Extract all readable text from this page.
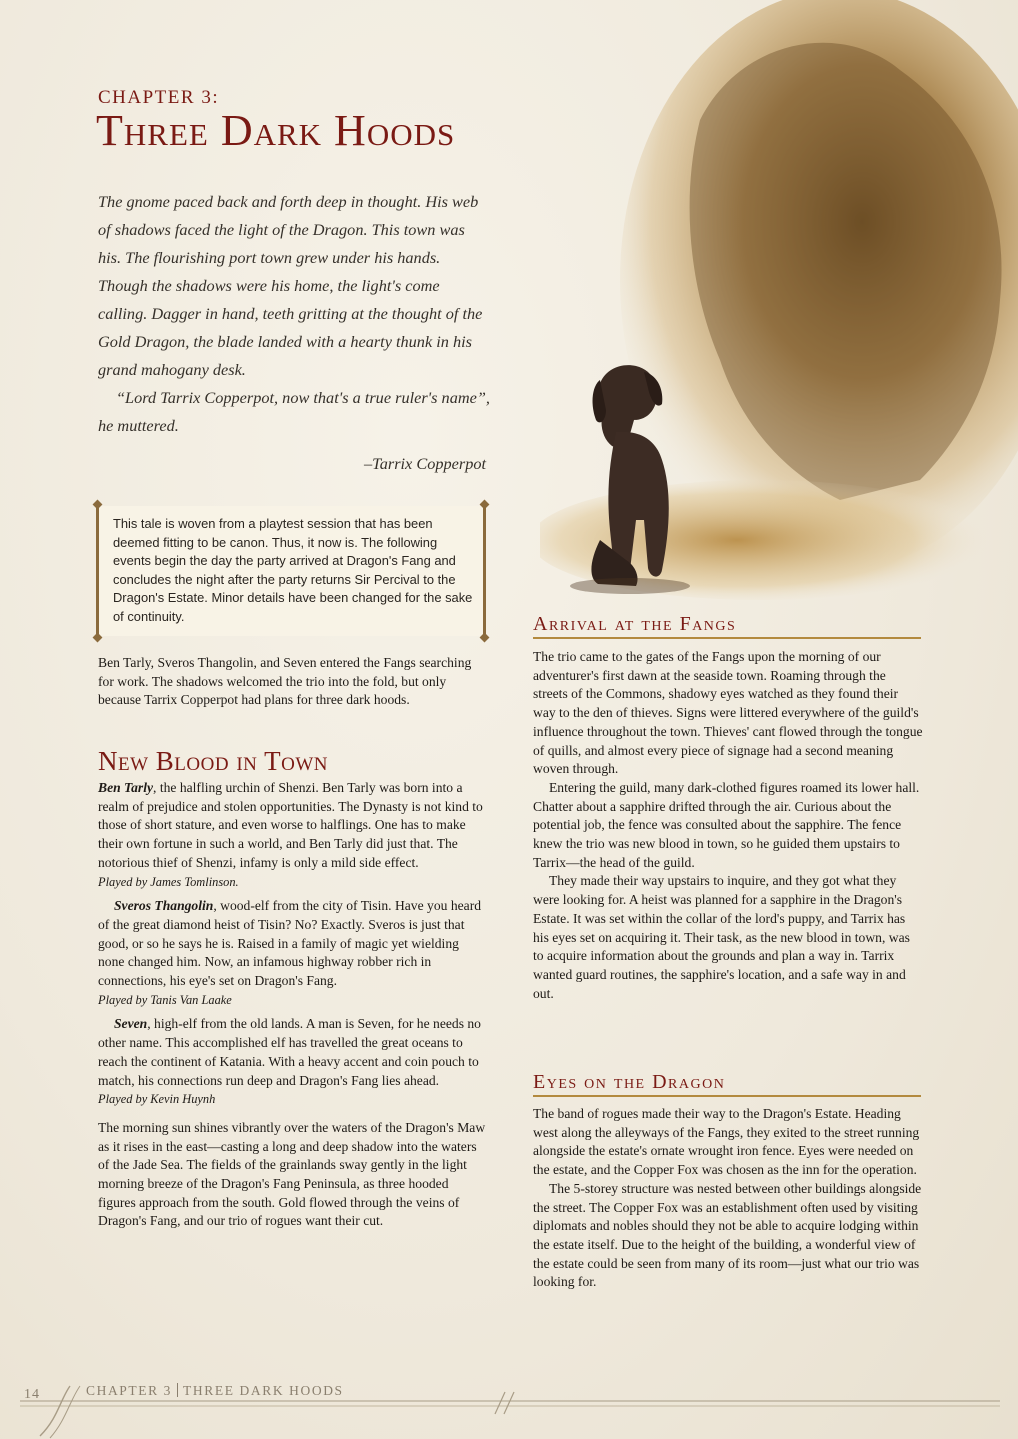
CHAPTER 3:
Three Dark Hoods

The gnome paced back and forth deep in thought. His web of shadows faced the light of the Dragon. This town was his. The flourishing port town grew under his hands. Though the shadows were his home, the light's come calling. Dagger in hand, teeth gritting at the thought of the Gold Dragon, the blade landed with a hearty thunk in his grand mahogany desk.

“Lord Tarrix Copperpot, now that's a true ruler's name”, he muttered.

–Tarrix Copperpot
This tale is woven from a playtest session that has been deemed fitting to be canon. Thus, it now is. The following events begin the day the party arrived at Dragon's Fang and concludes the night after the party returns Sir Percival to the Dragon's Estate. Minor details have been changed for the sake of continuity.

Ben Tarly, Sveros Thangolin, and Seven entered the Fangs searching for work. The shadows welcomed the trio into the fold, but only because Tarrix Copperpot had plans for three dark hoods.

New Blood in Town

Ben Tarly, the halfling urchin of Shenzi. Ben Tarly was born into a realm of prejudice and stolen opportunities. The Dynasty is not kind to those of short stature, and even worse to halflings. One has to make their own fortune in such a world, and Ben Tarly did just that. The notorious thief of Shenzi, infamy is only a mild side effect.

Played by James Tomlinson.

Sveros Thangolin, wood-elf from the city of Tisin. Have you heard of the great diamond heist of Tisin? No? Exactly. Sveros is just that good, or so he says he is. Raised in a family of magic yet wielding none changed him. Now, an infamous highway robber rich in connections, his eye's set on Dragon's Fang.

Played by Tanis Van Laake

Seven, high-elf from the old lands. A man is Seven, for he needs no other name. This accomplished elf has travelled the great oceans to reach the continent of Katania. With a heavy accent and coin pouch to match, his connections run deep and Dragon's Fang lies ahead.

Played by Kevin Huynh

The morning sun shines vibrantly over the waters of the Dragon's Maw as it rises in the east—casting a long and deep shadow into the waters of the Jade Sea. The fields of the grainlands sway gently in the light morning breeze of the Dragon's Fang Peninsula, as three hooded figures approach from the south. Gold flowed through the veins of Dragon's Fang, and our trio of rogues want their cut.

Arrival at the Fangs

The trio came to the gates of the Fangs upon the morning of our adventurer's first dawn at the seaside town. Roaming through the streets of the Commons, shadowy eyes watched as they found their way to the den of thieves. Signs were littered everywhere of the guild's influence throughout the town. Thieves' cant flowed through the tongue of quills, and almost every piece of signage had a second meaning woven through.

Entering the guild, many dark-clothed figures roamed its lower hall. Chatter about a sapphire drifted through the air. Curious about the potential job, the fence was consulted about the sapphire. The fence knew the trio was new blood in town, so he guided them upstairs to Tarrix—the head of the guild.

They made their way upstairs to inquire, and they got what they were looking for. A heist was planned for a sapphire in the Dragon's Estate. It was set within the collar of the lord's puppy, and Tarrix has his eyes set on acquiring it. Their task, as the new blood in town, was to acquire information about the grounds and plan a way in. Tarrix wanted guard routines, the sapphire's location, and a safe way in and out.

Eyes on the Dragon

The band of rogues made their way to the Dragon's Estate. Heading west along the alleyways of the Fangs, they exited to the street running alongside the estate's ornate wrought iron fence. Eyes were needed on the estate, and the Copper Fox was chosen as the inn for the operation.

The 5-storey structure was nested between other buildings alongside the street. The Copper Fox was an establishment often used by visiting diplomats and nobles should they not be able to acquire lodging within the estate itself. Due to the height of the building, a wonderful view of the estate could be seen from many of its room—just what our trio was looking for.

14	CHAPTER 3 THREE DARK HOODS
